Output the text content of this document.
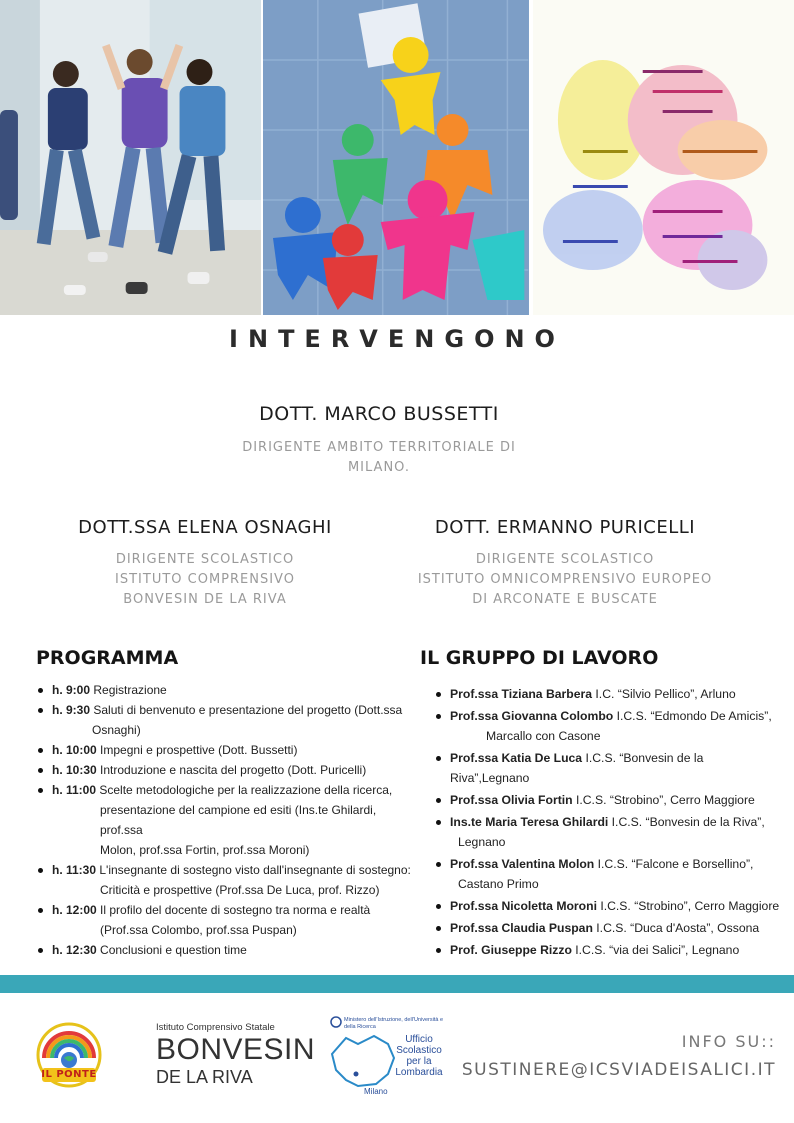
INTERVENGONO
DOTT. MARCO BUSSETTI
DIRIGENTE AMBITO TERRITORIALE DI
MILANO.
DOTT.SSA ELENA OSNAGHI
DIRIGENTE SCOLASTICO
ISTITUTO COMPRENSIVO
BONVESIN DE LA RIVA
DOTT. ERMANNO PURICELLI
DIRIGENTE SCOLASTICO
ISTITUTO OMNICOMPRENSIVO EUROPEO
DI ARCONATE E BUSCATE
PROGRAMMA
h. 9:00 Registrazione
h. 9:30 Saluti di benvenuto e presentazione del progetto (Dott.ssa
Osnaghi)
h. 10:00 Impegni e prospettive (Dott. Bussetti)
h. 10:30 Introduzione e nascita del progetto (Dott. Puricelli)
h. 11:00 Scelte metodologiche per la realizzazione della ricerca,
presentazione del campione ed esiti (Ins.te Ghilardi, prof.ssa
Molon, prof.ssa Fortin, prof.ssa Moroni)
h. 11:30 L'insegnante di sostegno visto dall'insegnante di sostegno:
Criticità e prospettive (Prof.ssa De Luca, prof. Rizzo)
h. 12:00 Il profilo del docente di sostegno tra norma e realtà
(Prof.ssa Colombo, prof.ssa Puspan)
h. 12:30 Conclusioni e question time
IL GRUPPO DI LAVORO
Prof.ssa Tiziana Barbera I.C. “Silvio Pellico”, Arluno
Prof.ssa Giovanna Colombo I.C.S. “Edmondo De Amicis”,
Marcallo con Casone
Prof.ssa Katia De Luca I.C.S. “Bonvesin de la Riva”,Legnano
Prof.ssa Olivia Fortin I.C.S. “Strobino”, Cerro Maggiore
Ins.te Maria Teresa Ghilardi I.C.S. “Bonvesin de la Riva”,
Legnano
Prof.ssa Valentina Molon I.C.S. “Falcone e Borsellino”,
Castano Primo
Prof.ssa Nicoletta Moroni I.C.S. “Strobino”, Cerro Maggiore
Prof.ssa Claudia Puspan I.C.S. “Duca d'Aosta”, Ossona
Prof. Giuseppe Rizzo I.C.S. “via dei Salici”, Legnano
IL PONTE
Istituto Comprensivo Statale
BONVESIN
DE LA RIVA
Ministero dell'Istruzione, dell'Università e della Ricerca
Ufficio
Scolastico
per la
Lombardia
Milano
INFO SU::
SUSTINERE@ICSVIADEISALICI.IT
